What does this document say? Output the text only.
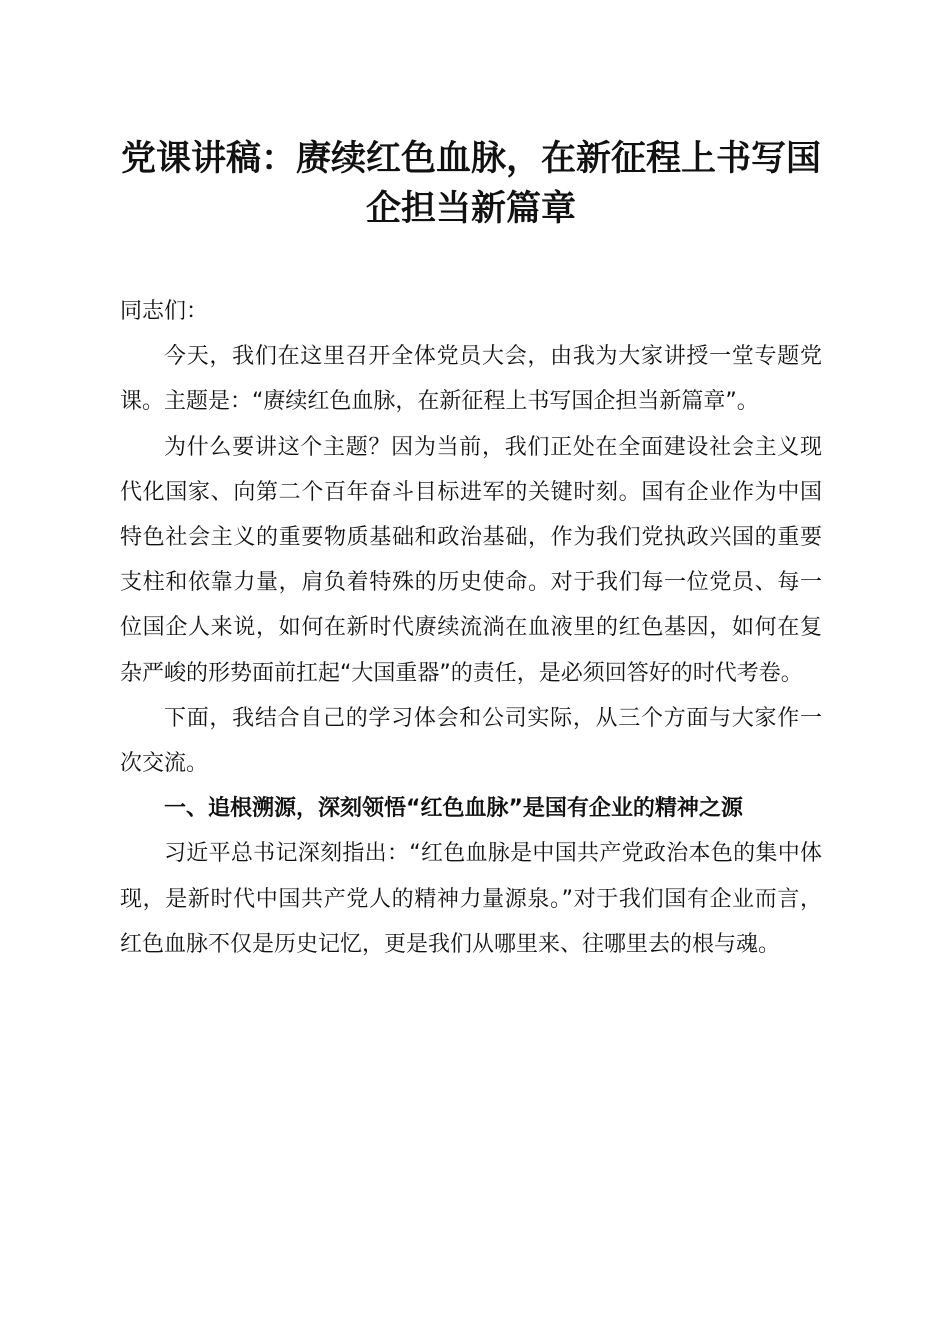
党课讲稿：赓续红色血脉，在新征程上书写国
企担当新篇章

同志们：

今天，我们在这里召开全体党员大会，由我为大家讲授一堂专题党课。主题是：“赓续红色血脉，在新征程上书写国企担当新篇章”。

为什么要讲这个主题？因为当前，我们正处在全面建设社会主义现代化国家、向第二个百年奋斗目标进军的关键时刻。国有企业作为中国特色社会主义的重要物质基础和政治基础，作为我们党执政兴国的重要支柱和依靠力量，肩负着特殊的历史使命。对于我们每一位党员、每一位国企人来说，如何在新时代赓续流淌在血液里的红色基因，如何在复杂严峻的形势面前扛起“大国重器”的责任，是必须回答好的时代考卷。

下面，我结合自己的学习体会和公司实际，从三个方面与大家作一次交流。

一、追根溯源，深刻领悟“红色血脉”是国有企业的精神之源

习近平总书记深刻指出：“红色血脉是中国共产党政治本色的集中体现，是新时代中国共产党人的精神力量源泉。”对于我们国有企业而言，红色血脉不仅是历史记忆，更是我们从哪里来、往哪里去的根与魂。
